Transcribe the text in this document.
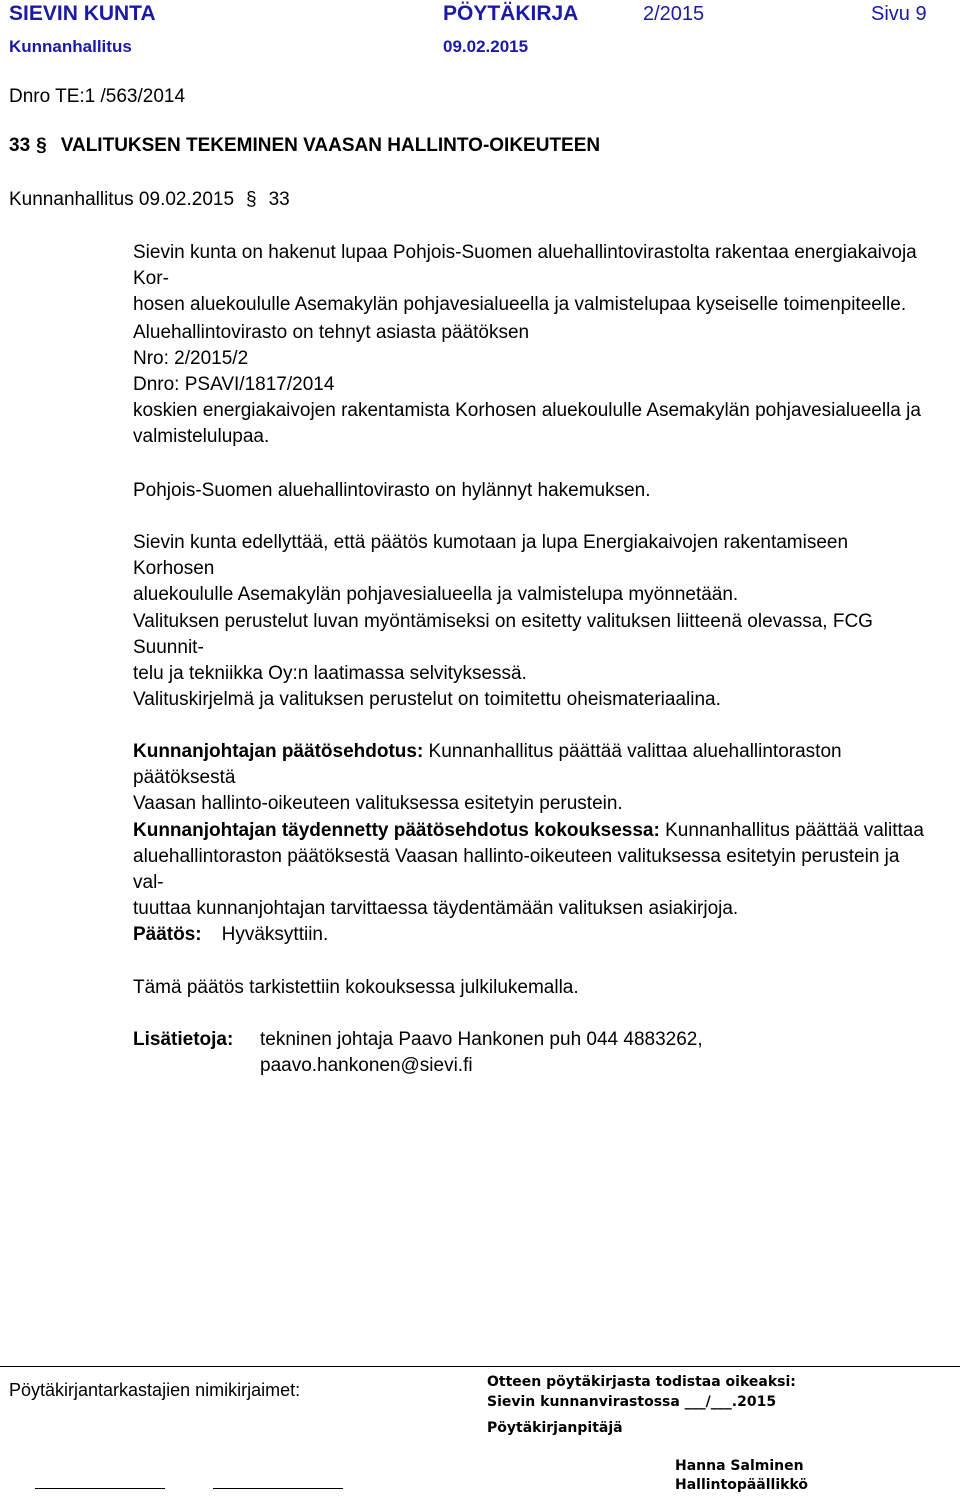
SIEVIN KUNTA	PÖYTÄKIRJA	2/2015	Sivu 9
Kunnanhallitus	09.02.2015
Dnro TE:1 /563/2014
33 § VALITUKSEN TEKEMINEN VAASAN HALLINTO-OIKEUTEEN
Kunnanhallitus 09.02.2015 § 33

Sievin kunta on hakenut lupaa Pohjois-Suomen aluehallintovirastolta rakentaa energiakaivoja Kor-

hosen aluekoululle Asemakylän pohjavesialueella ja valmistelupaa kyseiselle toimenpiteelle.

Aluehallintovirasto on tehnyt asiasta päätöksen

Nro: 2/2015/2

Dnro: PSAVI/1817/2014

koskien energiakaivojen rakentamista Korhosen aluekoululle Asemakylän pohjavesialueella ja

valmistelulupaa.

Pohjois-Suomen aluehallintovirasto on hylännyt hakemuksen.

Sievin kunta edellyttää, että päätös kumotaan ja lupa Energiakaivojen rakentamiseen Korhosen

aluekoululle Asemakylän pohjavesialueella ja valmistelupa myönnetään.

Valituksen perustelut luvan myöntämiseksi on esitetty valituksen liitteenä olevassa, FCG Suunnit-

telu ja tekniikka Oy:n laatimassa selvityksessä.

Valituskirjelmä ja valituksen perustelut on toimitettu oheismateriaalina.

Kunnanjohtajan päätösehdotus: Kunnanhallitus päättää valittaa aluehallintoraston päätöksestä

Vaasan hallinto-oikeuteen valituksessa esitetyin perustein.

Kunnanjohtajan täydennetty päätösehdotus kokouksessa: Kunnanhallitus päättää valittaa

aluehallintoraston päätöksestä Vaasan hallinto-oikeuteen valituksessa esitetyin perustein ja val-

tuuttaa kunnanjohtajan tarvittaessa täydentämään valituksen asiakirjoja.

Päätös: Hyväksyttiin.

Tämä päätös tarkistettiin kokouksessa julkilukemalla.

Lisätietoja: tekninen johtaja Paavo Hankonen puh 044 4883262,
paavo.hankonen@sievi.fi
Pöytäkirjantarkastajien nimikirjaimet:	Otteen pöytäkirjasta todistaa oikeaksi:
Sievin kunnanvirastossa ___/___.2015
Pöytäkirjanpitäjä
Hanna Salminen
Hallintopäällikkö
